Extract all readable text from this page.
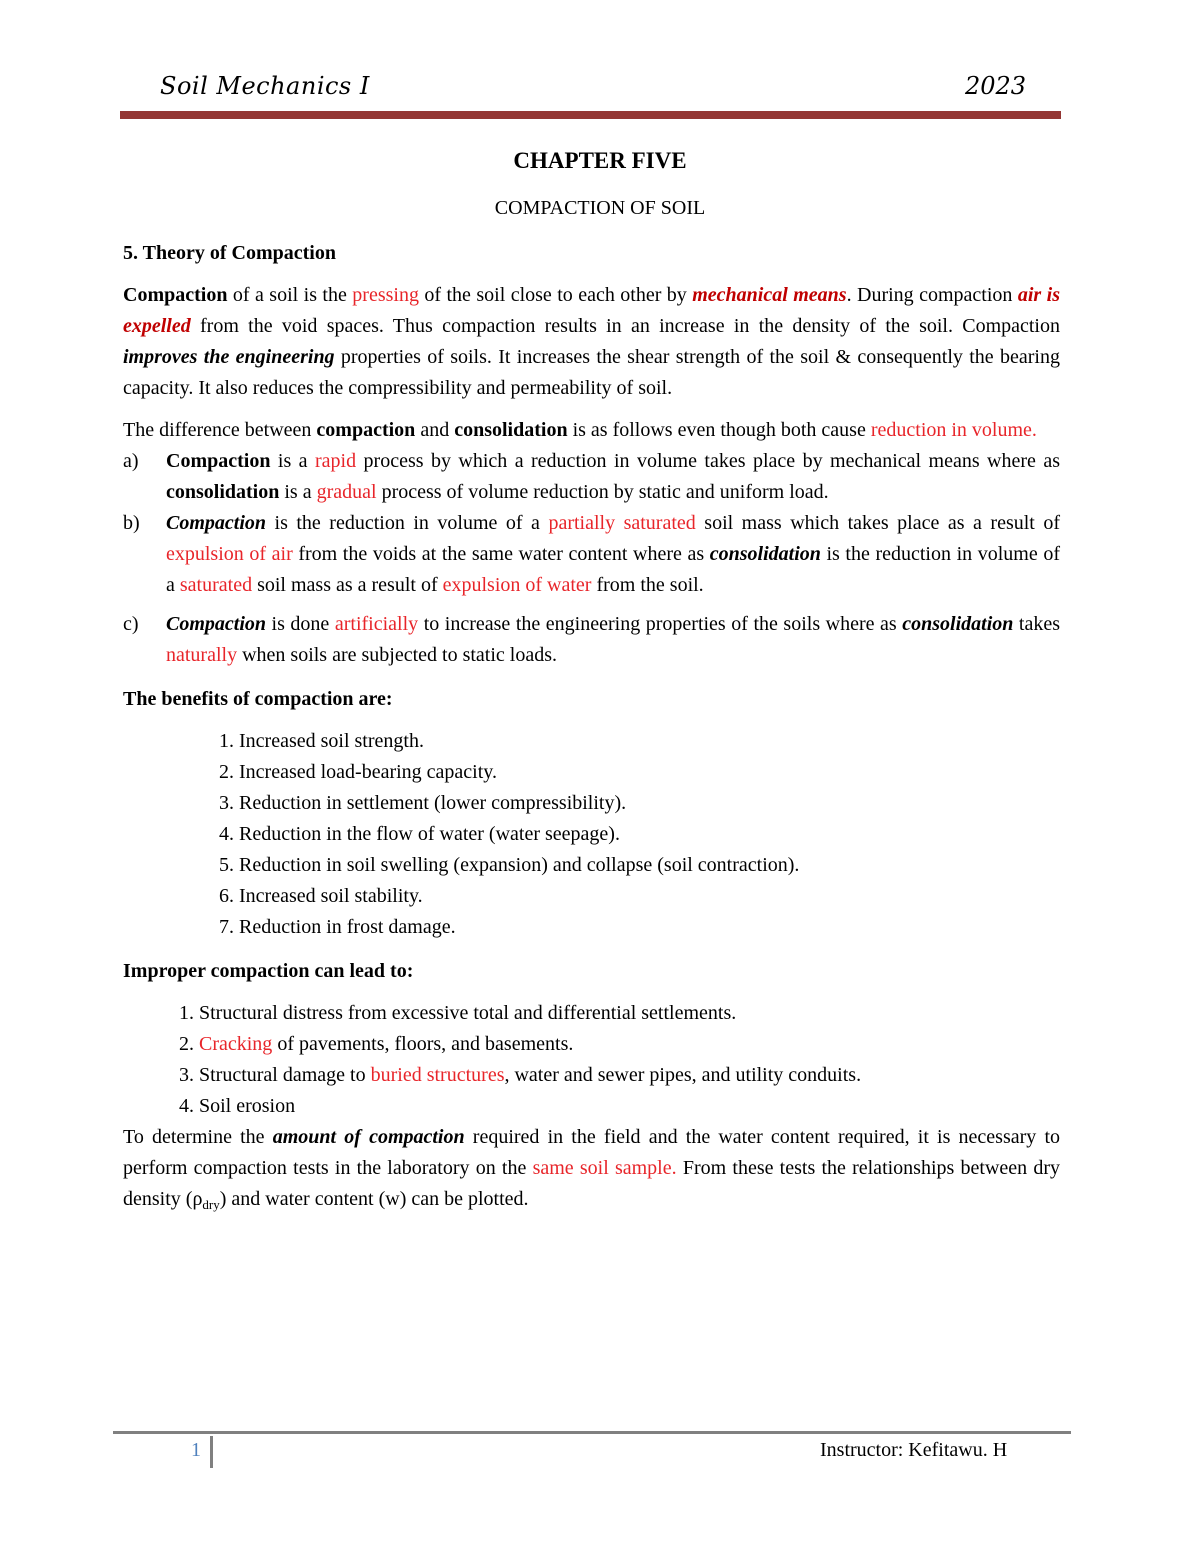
Soil Mechanics I	2023
CHAPTER FIVE
COMPACTION OF SOIL

5. Theory of Compaction

Compaction of a soil is the pressing of the soil close to each other by mechanical means. During compaction air is expelled from the void spaces. Thus compaction results in an increase in the density of the soil. Compaction improves the engineering properties of soils. It increases the shear strength of the soil & consequently the bearing capacity. It also reduces the compressibility and permeability of soil.

The difference between compaction and consolidation is as follows even though both cause reduction in volume.

a) Compaction is a rapid process by which a reduction in volume takes place by mechanical means where as consolidation is a gradual process of volume reduction by static and uniform load.
b) Compaction is the reduction in volume of a partially saturated soil mass which takes place as a result of expulsion of air from the voids at the same water content where as consolidation is the reduction in volume of a saturated soil mass as a result of expulsion of water from the soil.
c) Compaction is done artificially to increase the engineering properties of the soils where as consolidation takes naturally when soils are subjected to static loads.

The benefits of compaction are:

1. Increased soil strength.
2. Increased load-bearing capacity.
3. Reduction in settlement (lower compressibility).
4. Reduction in the flow of water (water seepage).
5. Reduction in soil swelling (expansion) and collapse (soil contraction).
6. Increased soil stability.
7. Reduction in frost damage.

Improper compaction can lead to:

1. Structural distress from excessive total and differential settlements.
2. Cracking of pavements, floors, and basements.
3. Structural damage to buried structures, water and sewer pipes, and utility conduits.
4. Soil erosion

To determine the amount of compaction required in the field and the water content required, it is necessary to perform compaction tests in the laboratory on the same soil sample. From these tests the relationships between dry density $(\rho_{dry})$ and water content (w) can be plotted.

1	Instructor: Kefitawu. H
